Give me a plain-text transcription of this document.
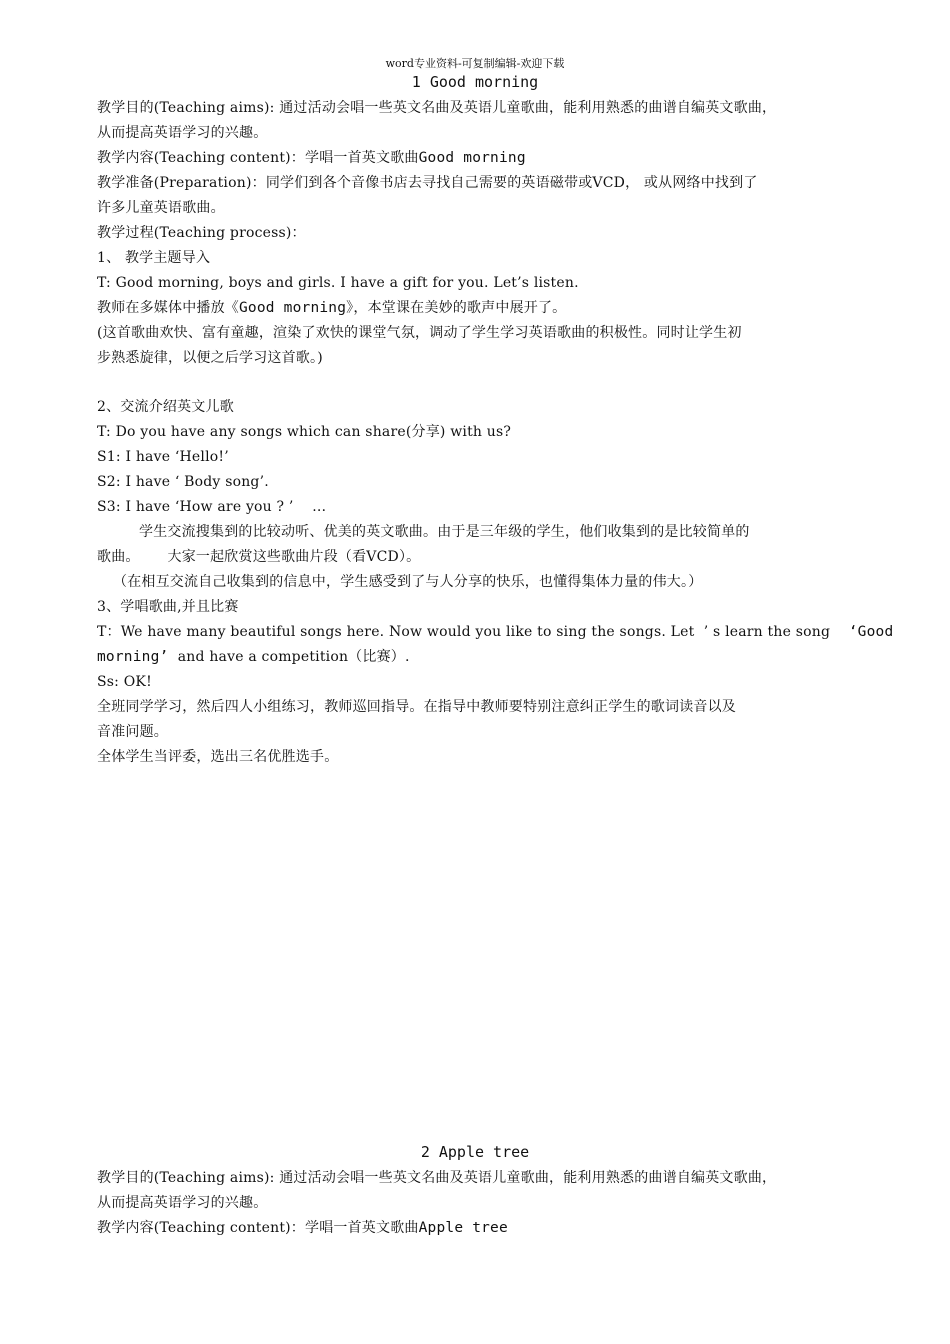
word专业资料-可复制编辑-欢迎下载
1 Good morning

教学目的(Teaching aims): 通过活动会唱一些英文名曲及英语儿童歌曲，能利用熟悉的曲谱自编英文歌曲，
从而提高英语学习的兴趣。

教学内容(Teaching content)：学唱一首英文歌曲Good morning

教学准备(Preparation)：同学们到各个音像书店去寻找自己需要的英语磁带或VCD， 或从网络中找到了
许多儿童英语歌曲。

教学过程(Teaching process)：

1、 教学主题导入

T: Good morning, boys and girls. I have a gift for you. Let’s listen.

教师在多媒体中播放《Good morning》，本堂课在美妙的歌声中展开了。

(这首歌曲欢快、富有童趣，渲染了欢快的课堂气氛，调动了学生学习英语歌曲的积极性。同时让学生初
步熟悉旋律，以便之后学习这首歌。)

2、交流介绍英文儿歌

T: Do you have any songs which can share(分享) with us?

S1: I have ‘Hello!’

S2: I have ‘ Body song’.

S3: I have ‘How are you ? ’    …

学生交流搜集到的比较动听、优美的英文歌曲。由于是三年级的学生，他们收集到的是比较简单的
歌曲。      大家一起欣赏这些歌曲片段（看VCD）。

（在相互交流自己收集到的信息中，学生感受到了与人分享的快乐，也懂得集体力量的伟大。）

3、学唱歌曲,并且比赛

T：We have many beautiful songs here. Now would you like to sing the songs. Let  ’ s learn the song    ‘Good
morning’  and have a competition（比赛）.

Ss: OK!

全班同学学习，然后四人小组练习，教师巡回指导。在指导中教师要特别注意纠正学生的歌词读音以及
音准问题。

全体学生当评委，选出三名优胜选手。

2 Apple tree

教学目的(Teaching aims): 通过活动会唱一些英文名曲及英语儿童歌曲，能利用熟悉的曲谱自编英文歌曲，
从而提高英语学习的兴趣。

教学内容(Teaching content)：学唱一首英文歌曲Apple tree
